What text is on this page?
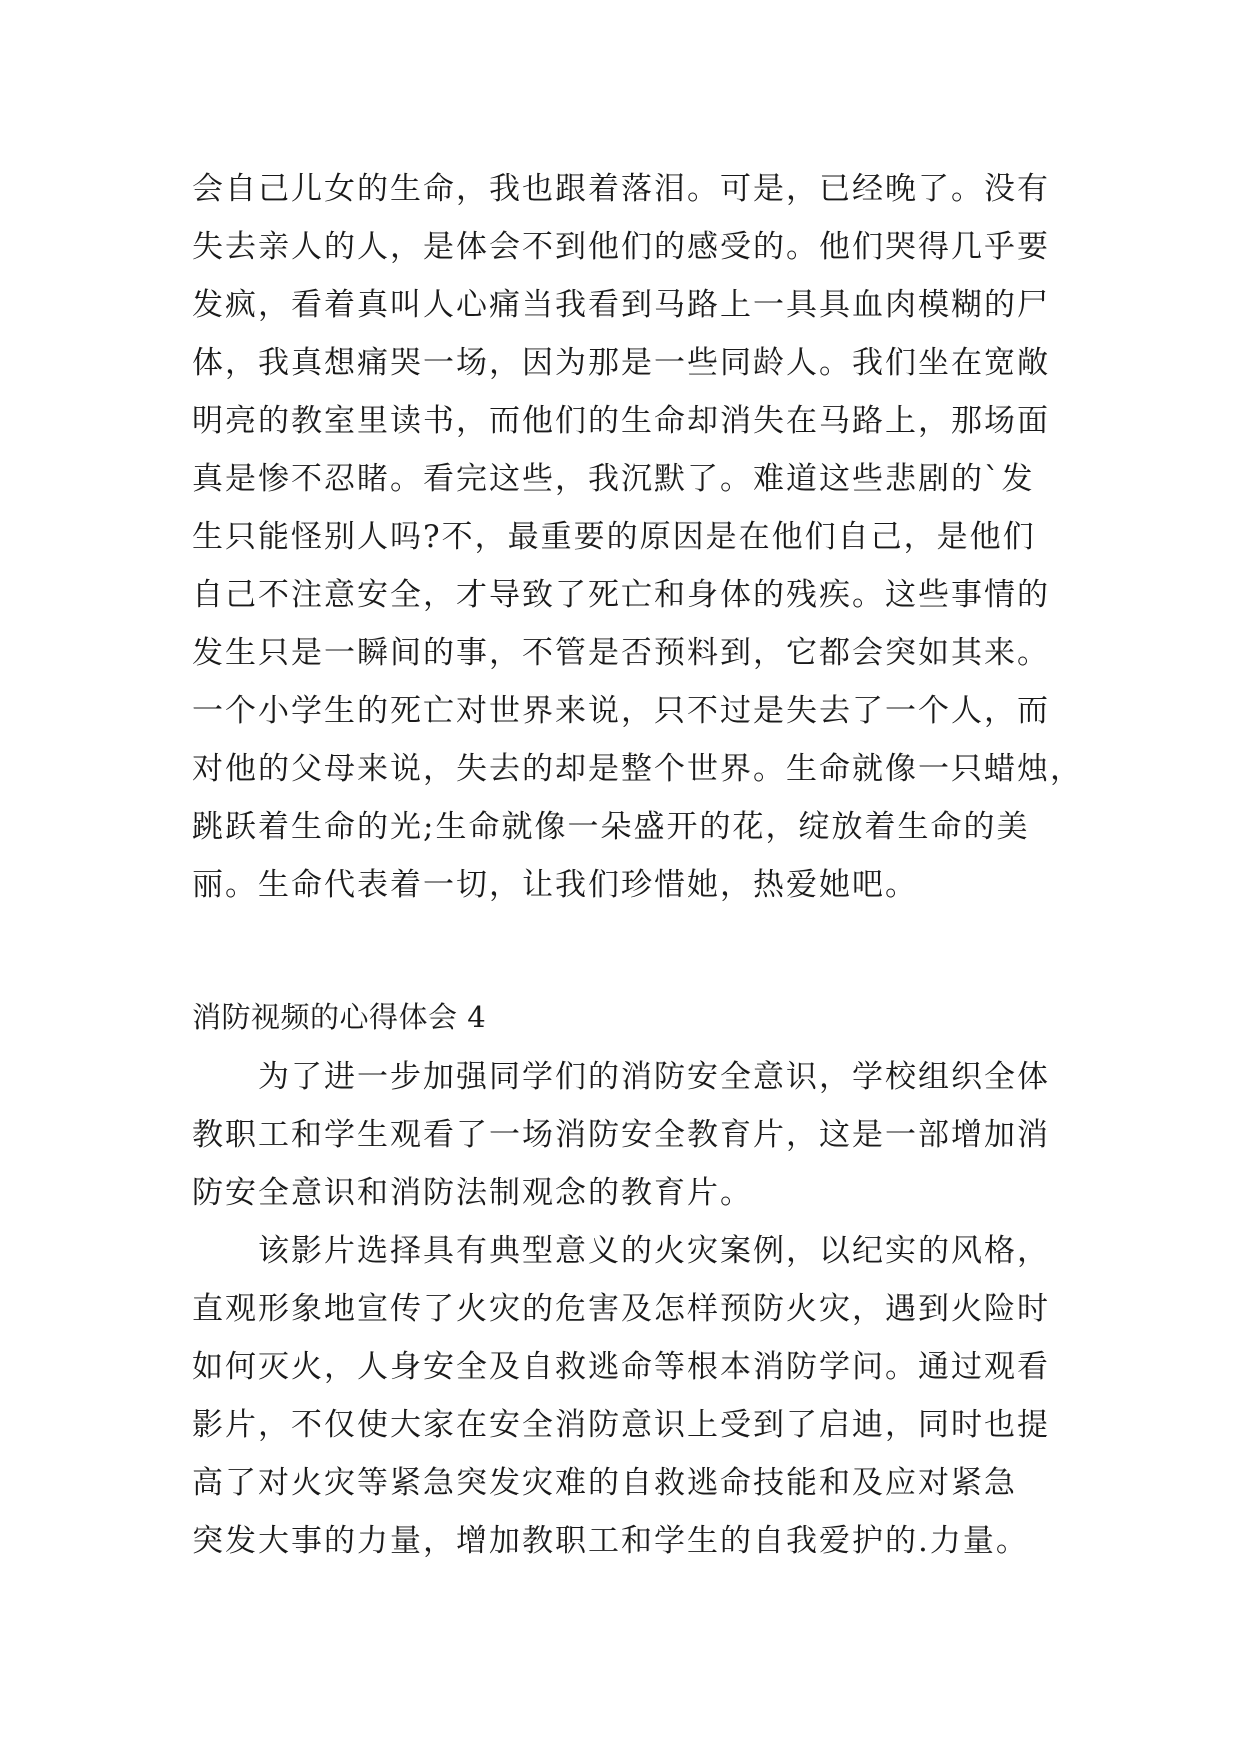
会自己儿女的生命，我也跟着落泪。可是，已经晚了。没有
失去亲人的人，是体会不到他们的感受的。他们哭得几乎要
发疯，看着真叫人心痛当我看到马路上一具具血肉模糊的尸
体，我真想痛哭一场，因为那是一些同龄人。我们坐在宽敞
明亮的教室里读书，而他们的生命却消失在马路上，那场面
真是惨不忍睹。看完这些，我沉默了。难道这些悲剧的`发
生只能怪别人吗?不，最重要的原因是在他们自己，是他们
自己不注意安全，才导致了死亡和身体的残疾。这些事情的
发生只是一瞬间的事，不管是否预料到，它都会突如其来。
一个小学生的死亡对世界来说，只不过是失去了一个人，而
对他的父母来说，失去的却是整个世界。生命就像一只蜡烛，
跳跃着生命的光;生命就像一朵盛开的花，绽放着生命的美
丽。生命代表着一切，让我们珍惜她，热爱她吧。
消防视频的心得体会 4
　　为了进一步加强同学们的消防安全意识，学校组织全体
教职工和学生观看了一场消防安全教育片，这是一部增加消
防安全意识和消防法制观念的教育片。
　　该影片选择具有典型意义的火灾案例，以纪实的风格，
直观形象地宣传了火灾的危害及怎样预防火灾，遇到火险时
如何灭火，人身安全及自救逃命等根本消防学问。通过观看
影片，不仅使大家在安全消防意识上受到了启迪，同时也提
高了对火灾等紧急突发灾难的自救逃命技能和及应对紧急
突发大事的力量，增加教职工和学生的自我爱护的.力量。
